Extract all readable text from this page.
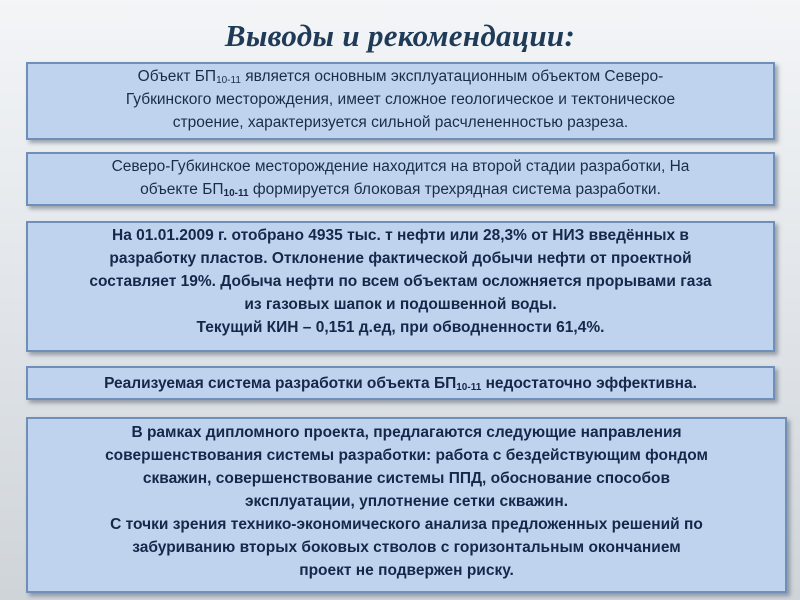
Выводы и рекомендации:
Объект $БП_{10-11}$ является основным эксплуатационным объектом Северо-
Губкинского месторождения, имеет сложное геологическое и тектоническое
строение, характеризуется сильной расчлененностью разреза.
Северо-Губкинское месторождение находится на второй стадии разработки, На
объекте $БП_{10-11}$ формируется блоковая трехрядная система разработки.
На 01.01.2009 г. отобрано 4935 тыс. т нефти или 28,3% от НИЗ введённых в
разработку пластов. Отклонение фактической добычи нефти от проектной
составляет 19%. Добыча нефти по всем объектам осложняется прорывами газа
из газовых шапок и подошвенной воды.
Текущий КИН – 0,151 д.ед, при обводненности 61,4%.
Реализуемая система разработки объекта $БП_{10-11}$ недостаточно эффективна.
В рамках дипломного проекта, предлагаются следующие направления
совершенствования системы разработки: работа с бездействующим фондом
скважин, совершенствование системы ППД, обоснование способов
эксплуатации, уплотнение сетки скважин.
С точки зрения технико-экономического анализа предложенных решений по
забуриванию вторых боковых стволов с горизонтальным окончанием
проект не подвержен риску.
